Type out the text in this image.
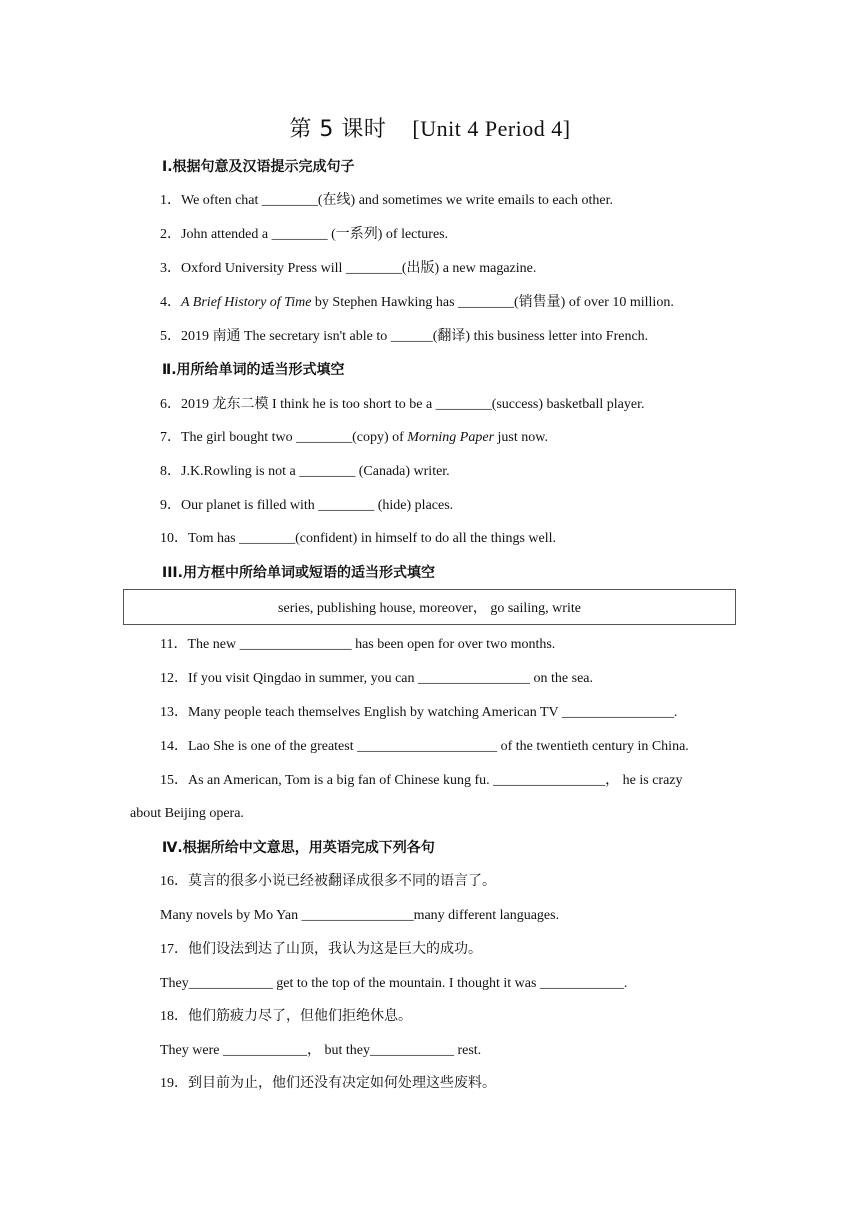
第 5 课时 [Unit 4 Period 4]
Ⅰ.根据句意及汉语提示完成句子
1．We often chat ________(在线) and sometimes we write emails to each other.
2．John attended a ________ (一系列) of lectures.
3．Oxford University Press will ________(出版) a new magazine.
4．A Brief History of Time by Stephen Hawking has ________(销售量) of over 10 million.
5．2019 南通 The secretary isn't able to ______(翻译) this business letter into French.
Ⅱ.用所给单词的适当形式填空
6．2019 龙东二模 I think he is too short to be a ________(success) basketball player.
7．The girl bought two ________(copy) of Morning Paper just now.
8．J.K.Rowling is not a ________ (Canada) writer.
9．Our planet is filled with ________ (hide) places.
10．Tom has ________(confident) in himself to do all the things well.
III.用方框中所给单词或短语的适当形式填空
series, publishing house, moreover， go sailing, write
11．The new ________________ has been open for over two months.
12．If you visit Qingdao in summer, you can ________________ on the sea.
13．Many people teach themselves English by watching American TV ________________.
14．Lao She is one of the greatest ____________________ of the twentieth century in China.
15．As an American, Tom is a big fan of Chinese kung fu. ________________， he is crazy
about Beijing opera.
Ⅳ.根据所给中文意思，用英语完成下列各句
16．莫言的很多小说已经被翻译成很多不同的语言了。
Many novels by Mo Yan ________________many different languages.
17．他们设法到达了山顶，我认为这是巨大的成功。
They____________ get to the top of the mountain. I thought it was ____________.
18．他们筋疲力尽了，但他们拒绝休息。
They were ____________， but they____________ rest.
19．到目前为止，他们还没有决定如何处理这些废料。
